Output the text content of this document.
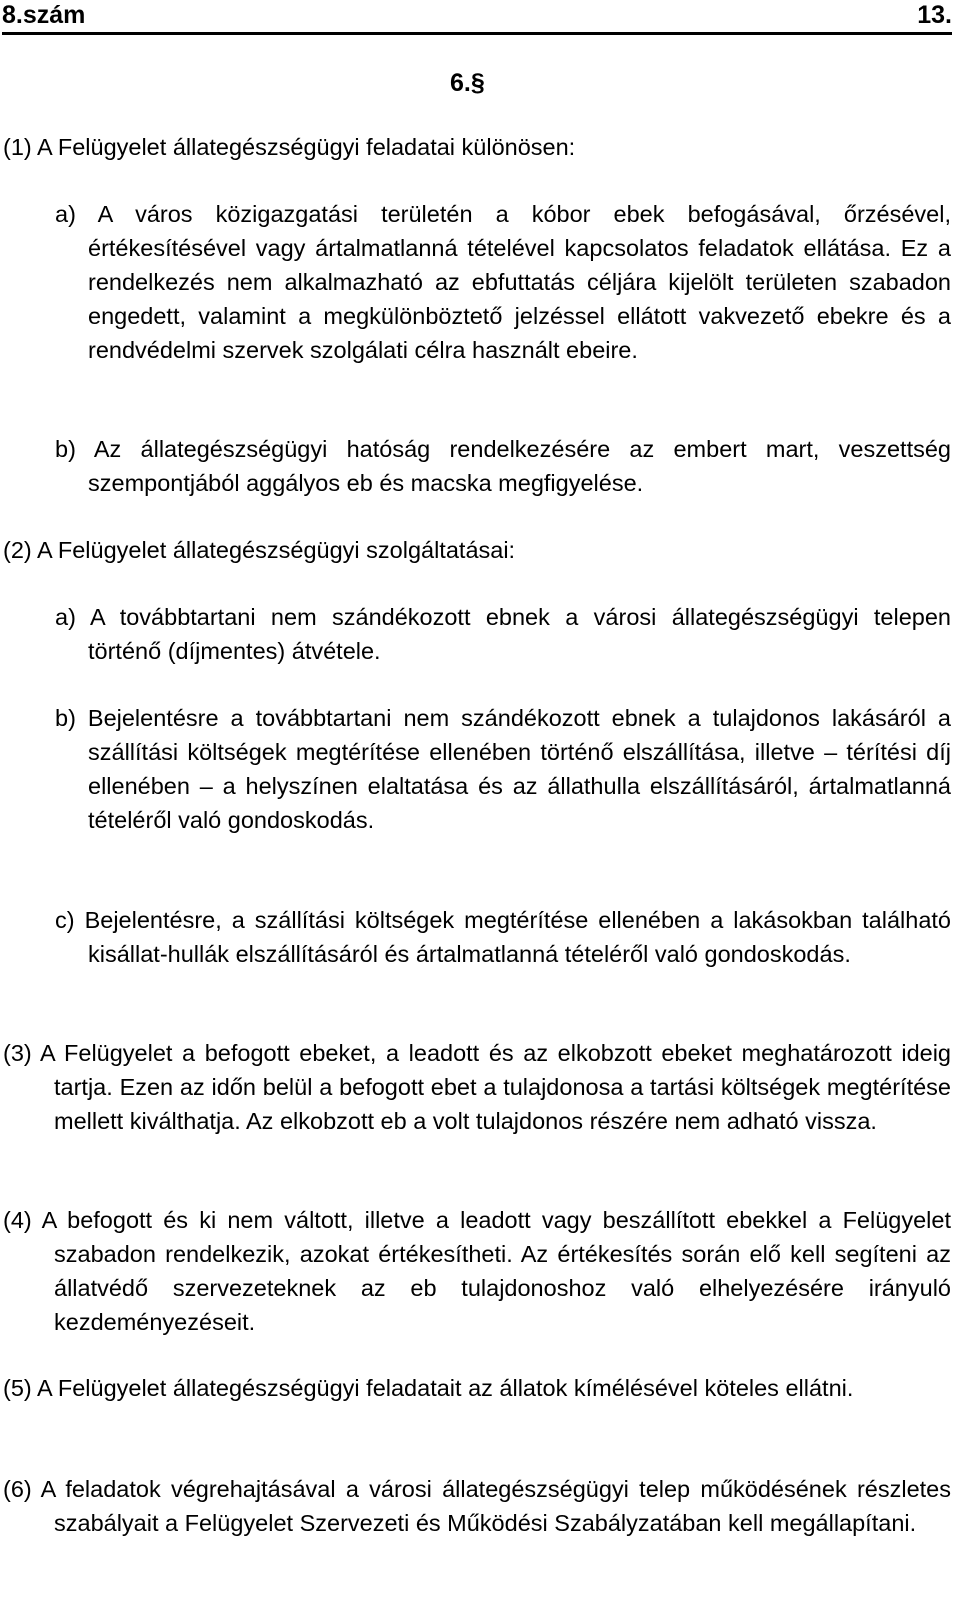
8.szám	13.
6.§
(1) A Felügyelet állategészségügyi feladatai különösen:
a) A város közigazgatási területén a kóbor ebek befogásával, őrzésével, értékesítésével vagy ártalmatlanná tételével kapcsolatos feladatok ellátása. Ez a rendelkezés nem alkalmazható az ebfuttatás céljára kijelölt területen szabadon engedett, valamint a megkülönböztető jelzéssel ellátott vakvezető ebekre és a rendvédelmi szervek szolgálati célra használt ebeire.
b) Az állategészségügyi hatóság rendelkezésére az embert mart, veszettség szempontjából aggályos eb és macska megfigyelése.
(2) A Felügyelet állategészségügyi szolgáltatásai:
a) A továbbtartani nem szándékozott ebnek a városi állategészségügyi telepen történő (díjmentes) átvétele.
b) Bejelentésre a továbbtartani nem szándékozott ebnek a tulajdonos lakásáról a szállítási költségek megtérítése ellenében történő elszállítása, illetve – térítési díj ellenében – a helyszínen elaltatása és az állathulla elszállításáról, ártalmatlanná tételéről való gondoskodás.
c) Bejelentésre, a szállítási költségek megtérítése ellenében a lakásokban található kisállat-hullák elszállításáról és ártalmatlanná tételéről való gondoskodás.
(3) A Felügyelet a befogott ebeket, a leadott és az elkobzott ebeket meghatározott ideig tartja. Ezen az időn belül a befogott ebet a tulajdonosa a tartási költségek megtérítése mellett kiválthatja. Az elkobzott eb a volt tulajdonos részére nem adható vissza.
(4) A befogott és ki nem váltott, illetve a leadott vagy beszállított ebekkel a Felügyelet szabadon rendelkezik, azokat értékesítheti. Az értékesítés során elő kell segíteni az állatvédő szervezeteknek az eb tulajdonoshoz való elhelyezésére irányuló kezdeményezéseit.
(5) A Felügyelet állategészségügyi feladatait az állatok kímélésével köteles ellátni.
(6) A feladatok végrehajtásával a városi állategészségügyi telep működésének részletes szabályait a Felügyelet Szervezeti és Működési Szabályzatában kell megállapítani.
